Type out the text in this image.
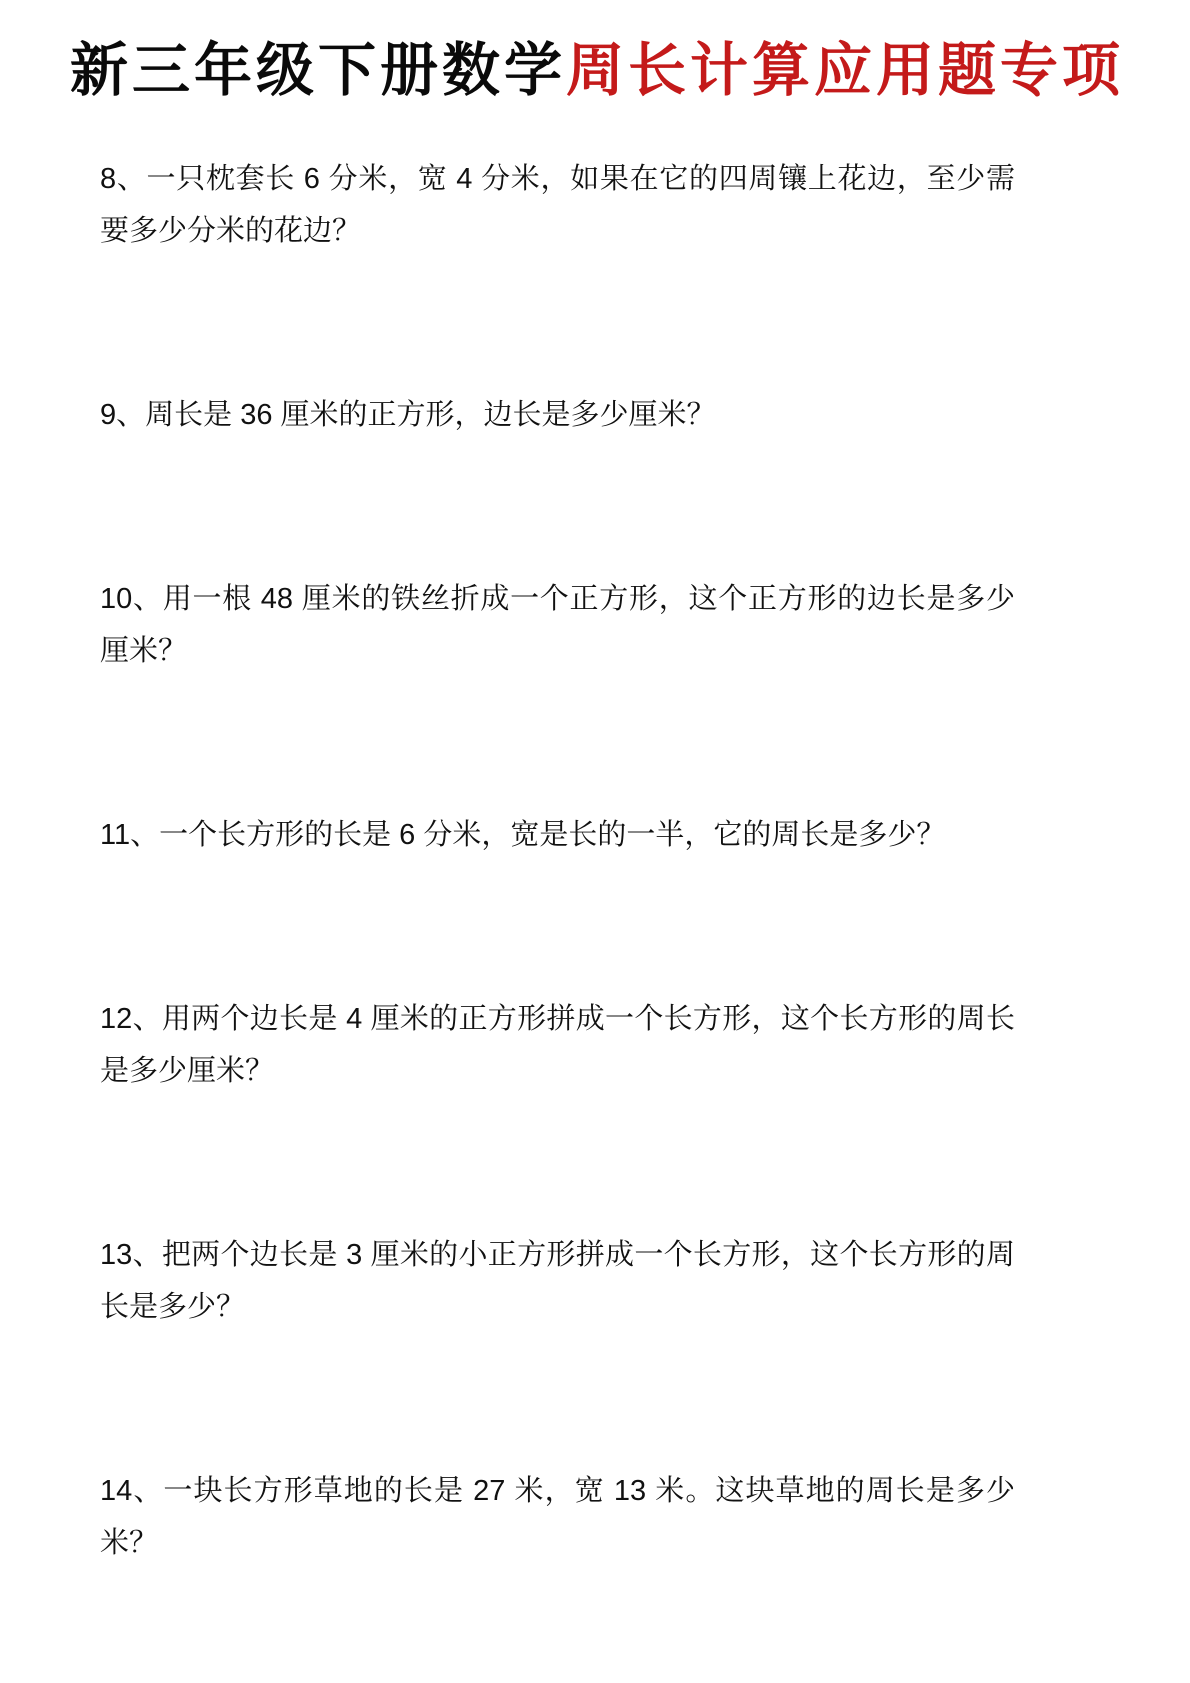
新三年级下册数学周长计算应用题专项

8、一只枕套长 6 分米，宽 4 分米，如果在它的四周镶上花边，至少需要多少分米的花边？

9、周长是 36 厘米的正方形，边长是多少厘米？

10、用一根 48 厘米的铁丝折成一个正方形，这个正方形的边长是多少厘米？

11、一个长方形的长是 6 分米，宽是长的一半，它的周长是多少？

12、用两个边长是 4 厘米的正方形拼成一个长方形，这个长方形的周长是多少厘米？

13、把两个边长是 3 厘米的小正方形拼成一个长方形，这个长方形的周长是多少？

14、一块长方形草地的长是 27 米，宽 13 米。这块草地的周长是多少米？
